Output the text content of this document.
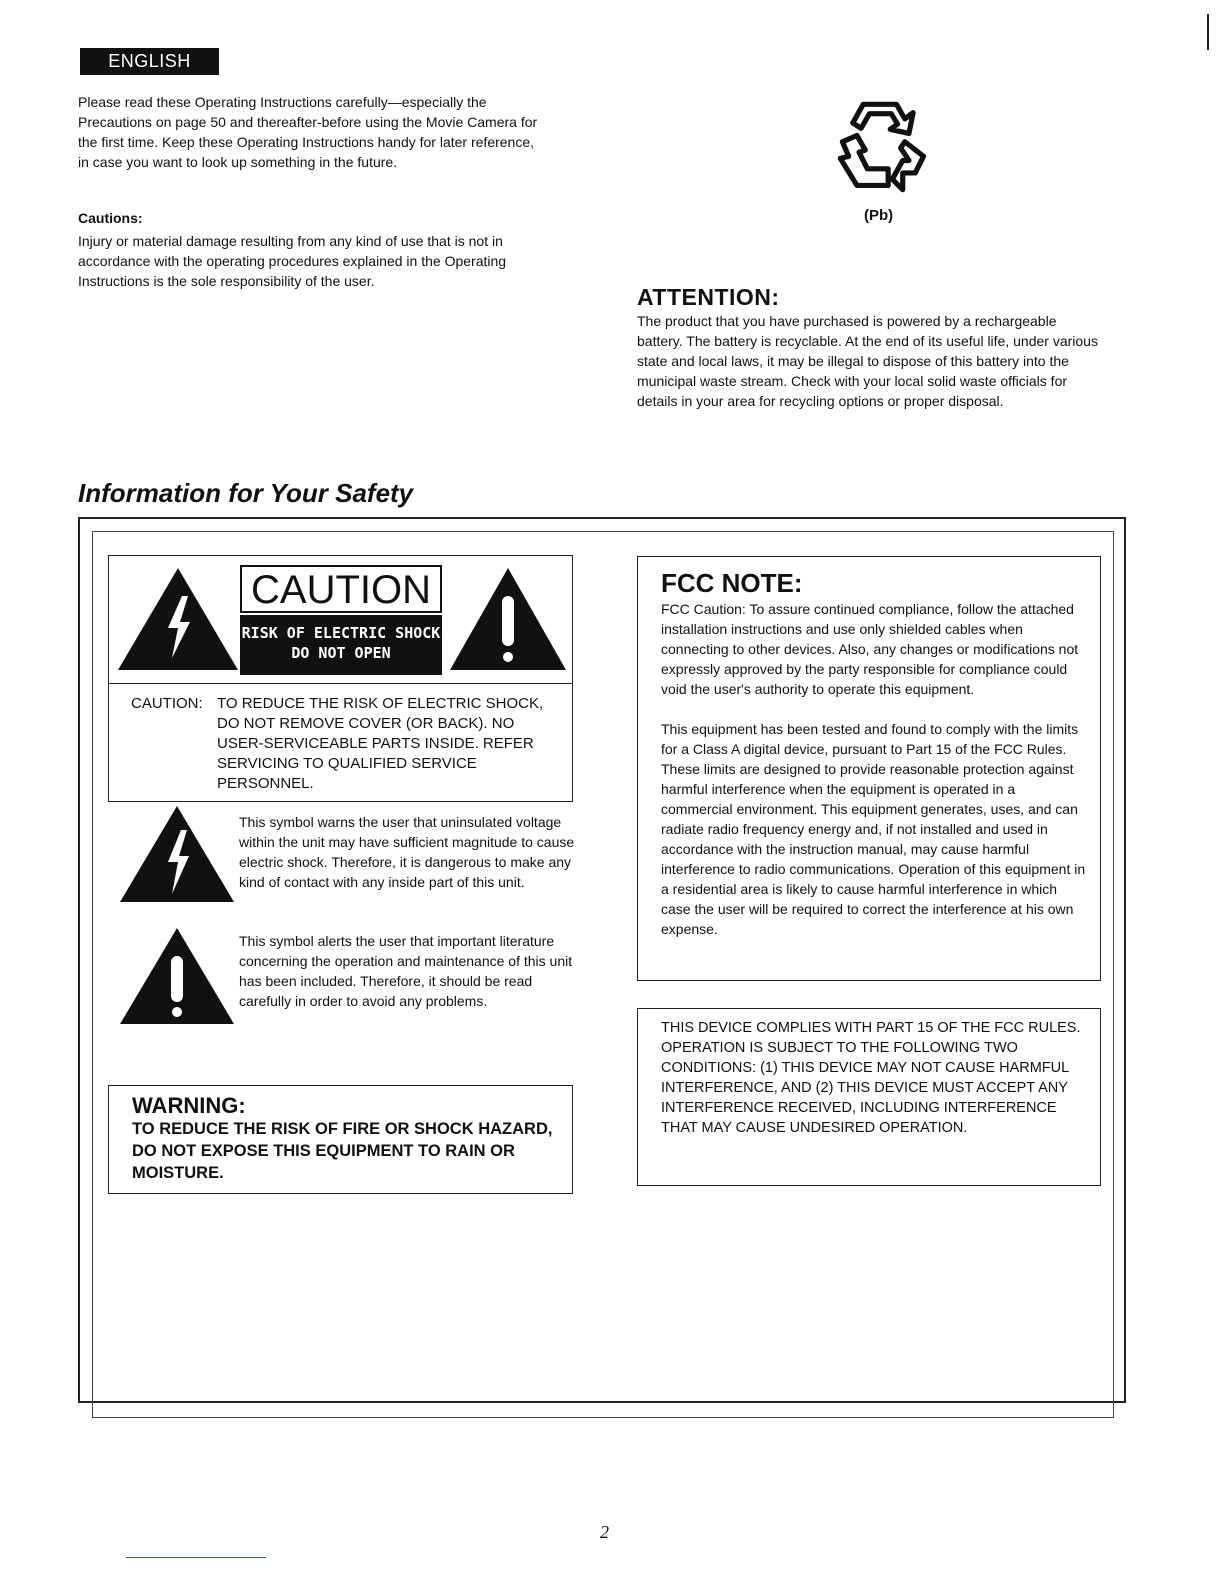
ENGLISH
Please read these Operating Instructions carefully—especially the Precautions on page 50 and thereafter-before using the Movie Camera for the first time. Keep these Operating Instructions handy for later reference, in case you want to look up something in the future.
Cautions:
Injury or material damage resulting from any kind of use that is not in accordance with the operating procedures explained in the Operating Instructions is the sole responsibility of the user.
(Pb)
ATTENTION:
The product that you have purchased is powered by a rechargeable battery. The battery is recyclable. At the end of its useful life, under various state and local laws, it may be illegal to dispose of this battery into the municipal waste stream. Check with your local solid waste officials for details in your area for recycling options or proper disposal.
Information for Your Safety
CAUTION
RISK OF ELECTRIC SHOCK
DO NOT OPEN
CAUTION: TO REDUCE THE RISK OF ELECTRIC SHOCK, DO NOT REMOVE COVER (OR BACK). NO USER-SERVICEABLE PARTS INSIDE. REFER SERVICING TO QUALIFIED SERVICE PERSONNEL.
This symbol warns the user that uninsulated voltage within the unit may have sufficient magnitude to cause electric shock. Therefore, it is dangerous to make any kind of contact with any inside part of this unit.
This symbol alerts the user that important literature concerning the operation and maintenance of this unit has been included. Therefore, it should be read carefully in order to avoid any problems.
WARNING:
TO REDUCE THE RISK OF FIRE OR SHOCK HAZARD, DO NOT EXPOSE THIS EQUIPMENT TO RAIN OR MOISTURE.
FCC NOTE:

FCC Caution: To assure continued compliance, follow the attached installation instructions and use only shielded cables when connecting to other devices. Also, any changes or modifications not expressly approved by the party responsible for compliance could void the user's authority to operate this equipment.

This equipment has been tested and found to comply with the limits for a Class A digital device, pursuant to Part 15 of the FCC Rules. These limits are designed to provide reasonable protection against harmful interference when the equipment is operated in a commercial environment. This equipment generates, uses, and can radiate radio frequency energy and, if not installed and used in accordance with the instruction manual, may cause harmful interference to radio communications. Operation of this equipment in a residential area is likely to cause harmful interference in which case the user will be required to correct the interference at his own expense.

THIS DEVICE COMPLIES WITH PART 15 OF THE FCC RULES. OPERATION IS SUBJECT TO THE FOLLOWING TWO CONDITIONS: (1) THIS DEVICE MAY NOT CAUSE HARMFUL INTERFERENCE, AND (2) THIS DEVICE MUST ACCEPT ANY INTERFERENCE RECEIVED, INCLUDING INTERFERENCE THAT MAY CAUSE UNDESIRED OPERATION.
2
